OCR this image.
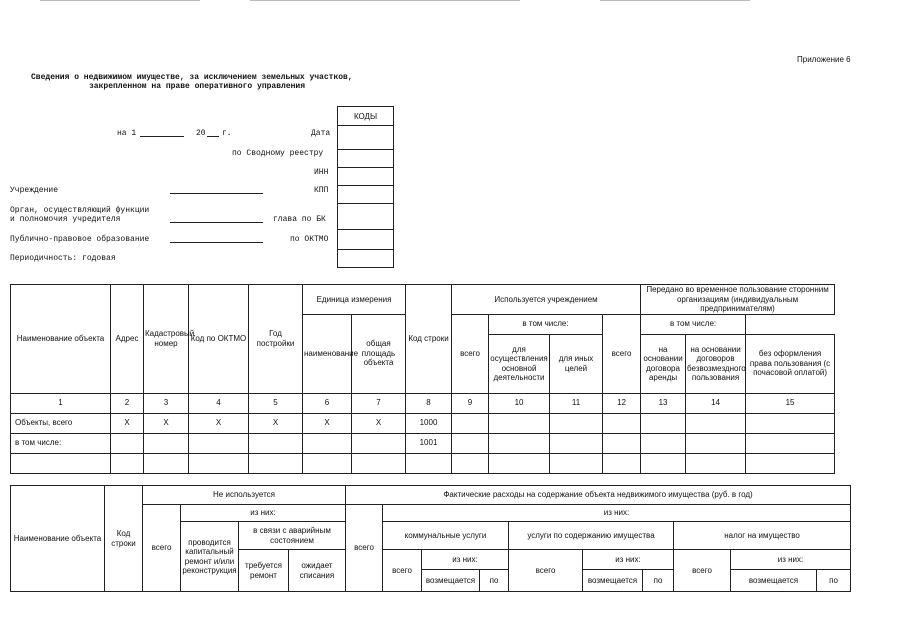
Приложение 6
Сведения о недвижимом имуществе, за исключением земельных участков,
закрепленном на праве оперативного управления
КОДЫ
на 1	20 г.	Дата
по Сводному реестру
ИНН
Учреждение	КПП
Орган, осуществляющий функции
и полномочия учредителя	глава по БК
Публично-правовое образование	по ОКТМО
Периодичность: годовая
Наименование объекта	Адрес	Кадастровый номер	Код по ОКТМО	Год постройки	Единица измерения		Код строки	Используется учреждением				Передано во временное пользование сторонним организациям (индивидуальным предпринимателям)		
					наименование	общая площадь объекта		всего	в том числе:		всего	в том числе:		
									для осуществления основной деятельности	для иных целей		на основании договора аренды	на основании договоров безвозмездного пользования	без оформления права пользования (с почасовой оплатой)
1	2	3	4	5	6	7	8	9	10	11	12	13	14	15
Объекты, всего	X	X	X	X	X	X	1000							
в том числе:							1001							

Наименование объекта	Код строки	Не используется				Фактические расходы на содержание объекта недвижимого имущества (руб. в год)									
		всего	из них:			всего	из них:								
			проводится капитальный ремонт и/или реконструкция	в связи с аварийным состоянием			коммунальные услуги			услуги по содержанию имущества			налог на имущество		
				требуется ремонт	ожидает списания		всего	из них:		всего	из них:		всего	из них:	
								возмещается	по		возмещается	по		возмещается	по
